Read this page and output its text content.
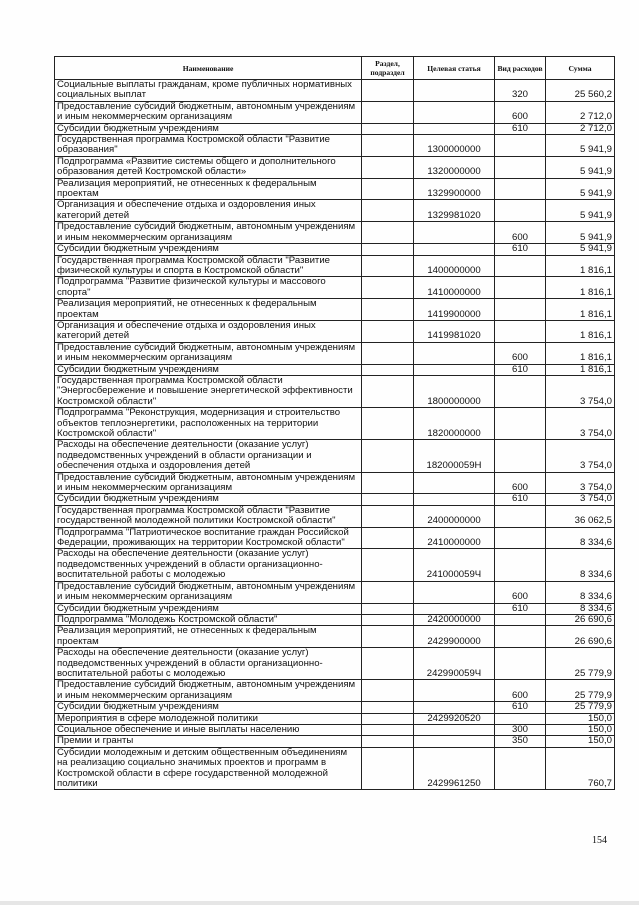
Наименование	Раздел, подраздел	Целевая статья	Вид расходов	Сумма
Социальные выплаты гражданам, кроме публичных нормативных социальных выплат			320	25 560,2
Предоставление субсидий бюджетным, автономным учреждениям и иным некоммерческим организациям			600	2 712,0
Субсидии бюджетным учреждениям			610	2 712,0
Государственная программа Костромской области "Развитие образования"		1300000000		5 941,9
Подпрограмма «Развитие системы общего и дополнительного образования детей Костромской области»		1320000000		5 941,9
Реализация мероприятий, не отнесенных к федеральным проектам		1329900000		5 941,9
Организация и обеспечение отдыха и оздоровления иных категорий детей		1329981020		5 941,9
Предоставление субсидий бюджетным, автономным учреждениям и иным некоммерческим организациям			600	5 941,9
Субсидии бюджетным учреждениям			610	5 941,9
Государственная программа Костромской области "Развитие физической культуры и спорта в Костромской области"		1400000000		1 816,1
Подпрограмма "Развитие физической культуры и массового спорта"		1410000000		1 816,1
Реализация мероприятий, не отнесенных к федеральным проектам		1419900000		1 816,1
Организация и обеспечение отдыха и оздоровления иных категорий детей		1419981020		1 816,1
Предоставление субсидий бюджетным, автономным учреждениям и иным некоммерческим организациям			600	1 816,1
Субсидии бюджетным учреждениям			610	1 816,1
Государственная программа Костромской области "Энергосбережение и повышение энергетической эффективности Костромской области"		1800000000		3 754,0
Подпрограмма "Реконструкция, модернизация и строительство объектов теплоэнергетики, расположенных на территории Костромской области"		1820000000		3 754,0
Расходы на обеспечение деятельности (оказание услуг) подведомственных учреждений в области организации и обеспечения отдыха и оздоровления детей		182000059Н		3 754,0
Предоставление субсидий бюджетным, автономным учреждениям и иным некоммерческим организациям			600	3 754,0
Субсидии бюджетным учреждениям			610	3 754,0
Государственная программа Костромской области "Развитие государственной молодежной политики Костромской области"		2400000000		36 062,5
Подпрограмма "Патриотическое воспитание граждан Российской Федерации, проживающих на территории Костромской области"		2410000000		8 334,6
Расходы на обеспечение деятельности (оказание услуг) подведомственных учреждений в области организационно-воспитательной работы с молодежью		241000059Ч		8 334,6
Предоставление субсидий бюджетным, автономным учреждениям и иным некоммерческим организациям			600	8 334,6
Субсидии бюджетным учреждениям			610	8 334,6
Подпрограмма "Молодежь Костромской области"		2420000000		26 690,6
Реализация мероприятий, не отнесенных к федеральным проектам		2429900000		26 690,6
Расходы на обеспечение деятельности (оказание услуг) подведомственных учреждений в области организационно-воспитательной работы с молодежью		242990059Ч		25 779,9
Предоставление субсидий бюджетным, автономным учреждениям и иным некоммерческим организациям			600	25 779,9
Субсидии бюджетным учреждениям			610	25 779,9
Мероприятия в сфере молодежной политики		2429920520		150,0
Социальное обеспечение и иные выплаты населению			300	150,0
Премии и гранты			350	150,0
Субсидии молодежным и детским общественным объединениям на реализацию социально значимых проектов и программ в Костромской области в сфере государственной молодежной политики		2429961250		760,7
154
